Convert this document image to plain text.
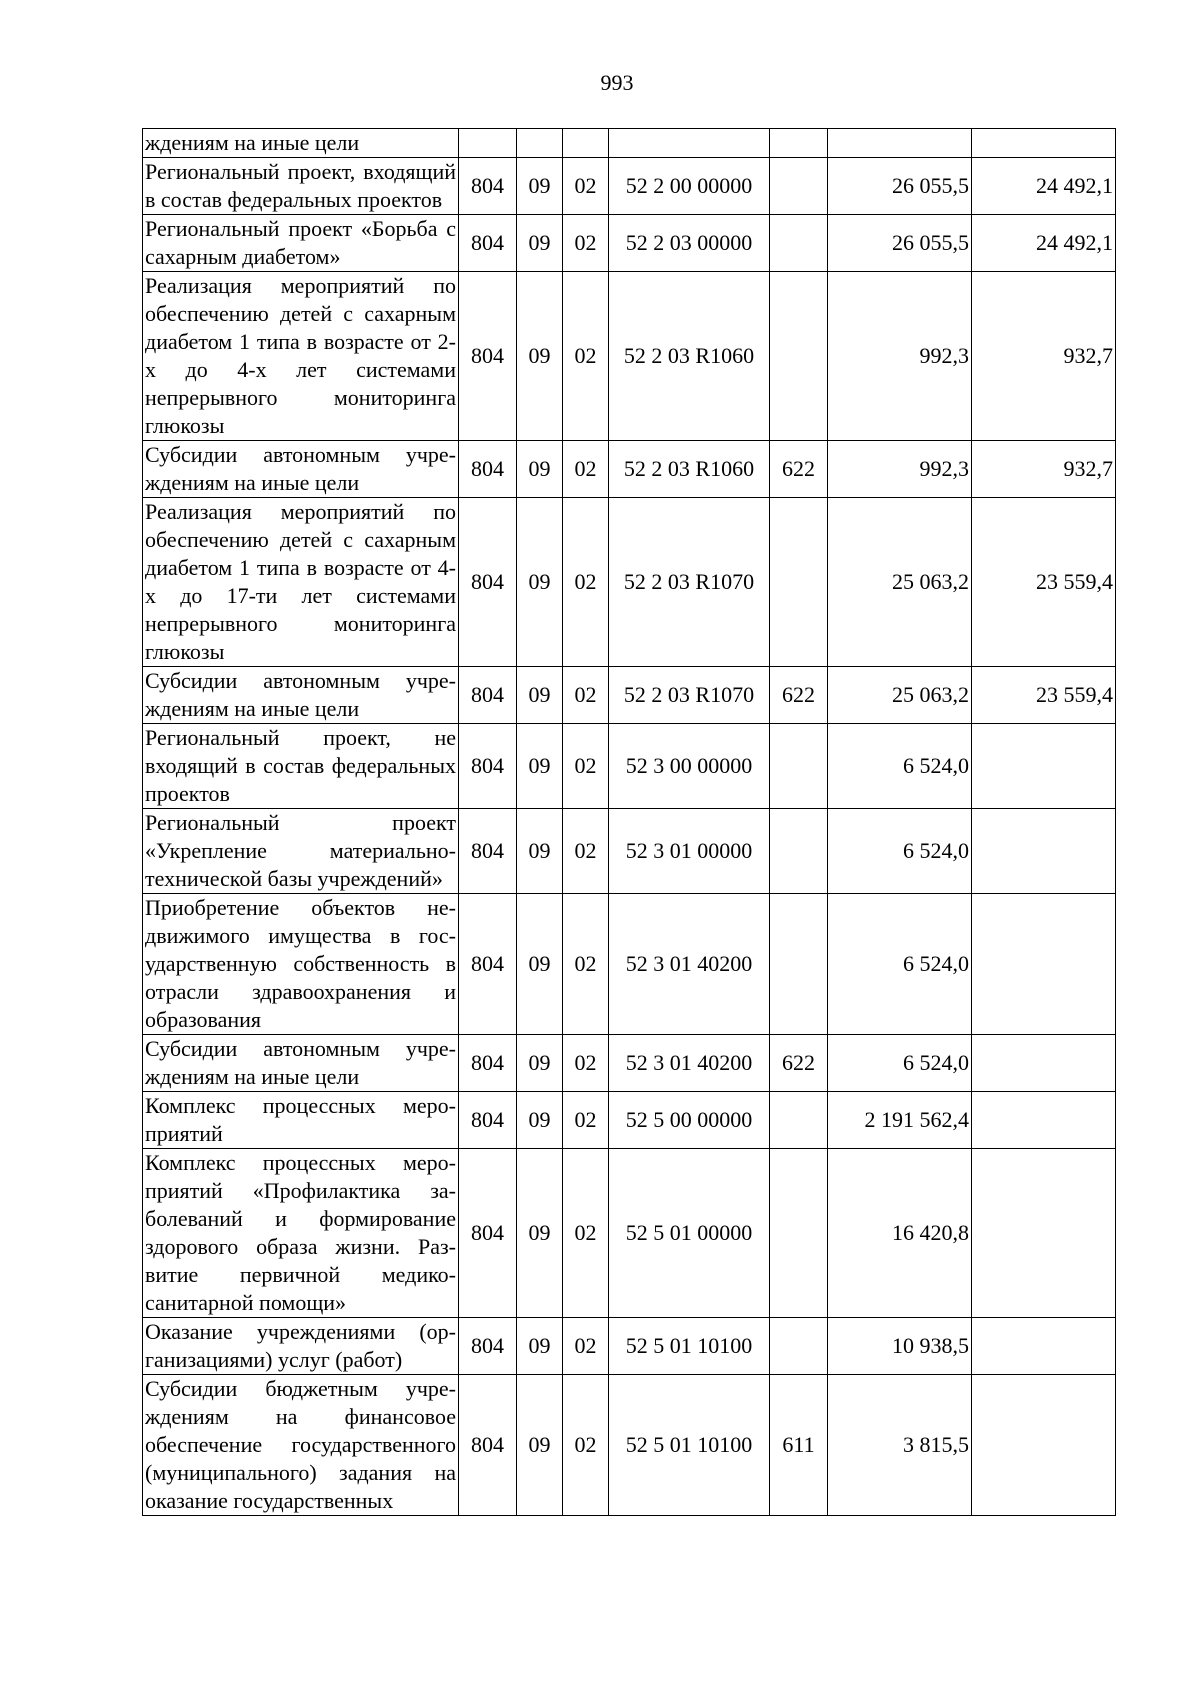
993
ждениям на иные цели							
Региональный проект, входящий в состав федеральных проектов	804	09	02	52 2 00 00000		26 055,5	24 492,1
Региональный проект «Борьба с сахарным диабетом»	804	09	02	52 2 03 00000		26 055,5	24 492,1
Реализация мероприятий по обеспечению детей с сахарным диабетом 1 типа в возрасте от 2-х до 4-х лет системами непрерывного мониторинга глюкозы	804	09	02	52 2 03 R1060		992,3	932,7
Субсидии автономным учреждениям на иные цели	804	09	02	52 2 03 R1060	622	992,3	932,7
Реализация мероприятий по обеспечению детей с сахарным диабетом 1 типа в возрасте от 4-х до 17-ти лет системами непрерывного мониторинга глюкозы	804	09	02	52 2 03 R1070		25 063,2	23 559,4
Субсидии автономным учреждениям на иные цели	804	09	02	52 2 03 R1070	622	25 063,2	23 559,4
Региональный проект, не входящий в состав федеральных проектов	804	09	02	52 3 00 00000		6 524,0	
Региональный проект «Укрепление материально-технической базы учреждений»	804	09	02	52 3 01 00000		6 524,0	
Приобретение объектов недвижимого имущества в государственную собственность в отрасли здравоохранения и образования	804	09	02	52 3 01 40200		6 524,0	
Субсидии автономным учреждениям на иные цели	804	09	02	52 3 01 40200	622	6 524,0	
Комплекс процессных мероприятий	804	09	02	52 5 00 00000		2 191 562,4	
Комплекс процессных мероприятий «Профилактика заболеваний и формирование здорового образа жизни. Развитие первичной медико-санитарной помощи»	804	09	02	52 5 01 00000		16 420,8	
Оказание учреждениями (организациями) услуг (работ)	804	09	02	52 5 01 10100		10 938,5	
Субсидии бюджетным учреждениям на финансовое обеспечение государственного (муниципального) задания на оказание государственных	804	09	02	52 5 01 10100	611	3 815,5	
